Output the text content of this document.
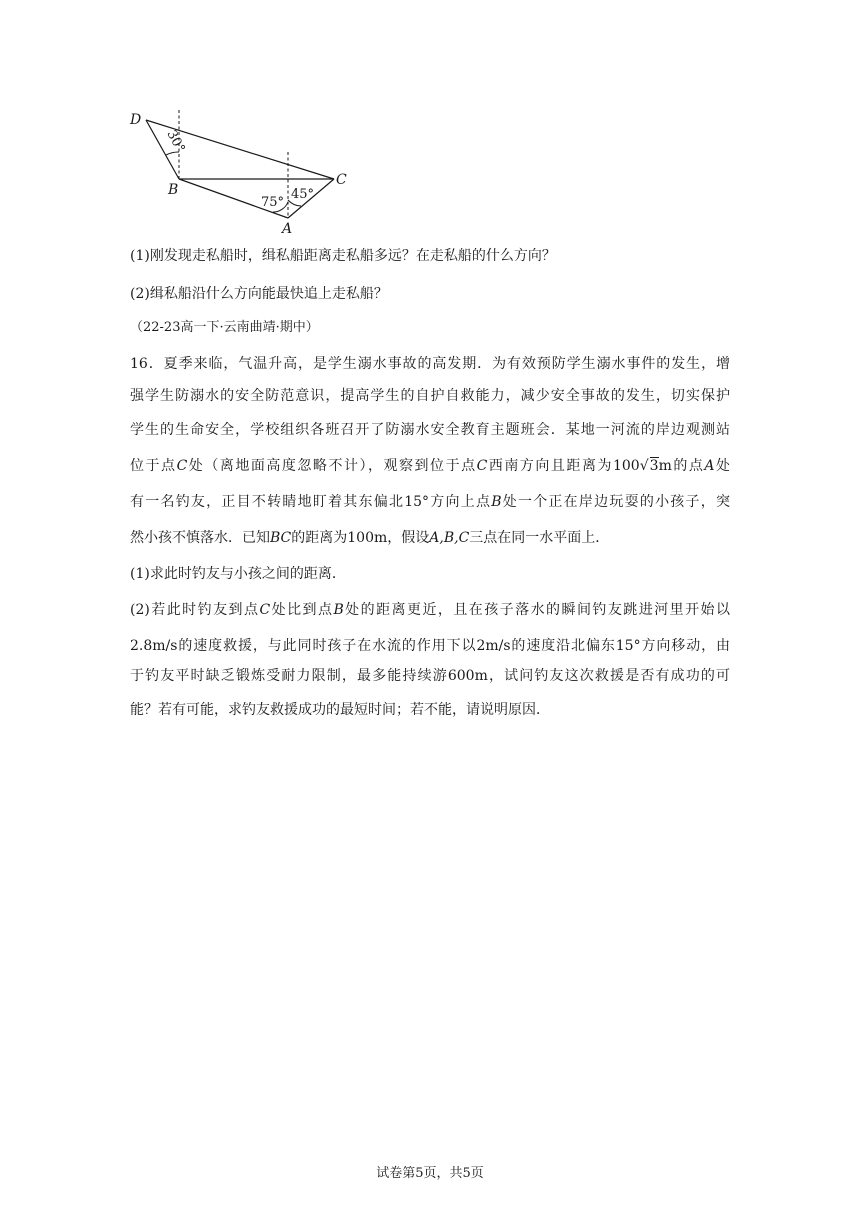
D
B
C
A
30°
75°
45°
(1)刚发现走私船时，缉私船距离走私船多远？在走私船的什么方向？
(2)缉私船沿什么方向能最快追上走私船？
（22-23高一下·云南曲靖·期中）
16．夏季来临，气温升高，是学生溺水事故的高发期．为有效预防学生溺水事件的发生，增
强学生防溺水的安全防范意识，提高学生的自护自救能力，减少安全事故的发生，切实保护
学生的生命安全，学校组织各班召开了防溺水安全教育主题班会．某地一河流的岸边观测站
位于点C处（离地面高度忽略不计），观察到位于点C西南方向且距离为100√3m的点A处
有一名钓友，正目不转睛地盯着其东偏北15°方向上点B处一个正在岸边玩耍的小孩子，突
然小孩不慎落水．已知BC的距离为100m，假设A,B,C三点在同一水平面上．
(1)求此时钓友与小孩之间的距离．
(2)若此时钓友到点C处比到点B处的距离更近，且在孩子落水的瞬间钓友跳进河里开始以
2.8m/s的速度救援，与此同时孩子在水流的作用下以2m/s的速度沿北偏东15°方向移动，由
于钓友平时缺乏锻炼受耐力限制，最多能持续游600m，试问钓友这次救援是否有成功的可
能？若有可能，求钓友救援成功的最短时间；若不能，请说明原因．
试卷第5页，共5页
